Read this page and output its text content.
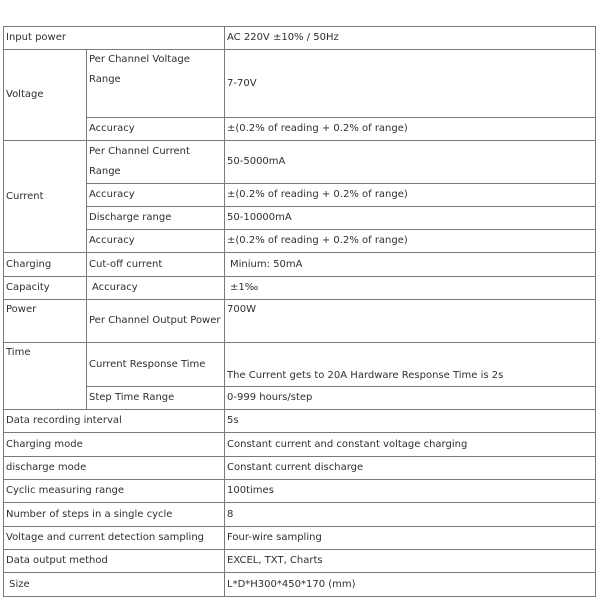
Input power		AC 220V ±10% / 50Hz
Voltage	Per Channel Voltage Range	7-70V
	Accuracy	±(0.2% of reading + 0.2% of range)
Current	Per Channel Current Range	50-5000mA
	Accuracy	±(0.2% of reading + 0.2% of range)
	Discharge range	50-10000mA
	Accuracy	±(0.2% of reading + 0.2% of range)
Charging	Cut-off current	Minium: 50mA
Capacity	Accuracy	±1‰
Power	Per Channel Output Power	700W
Time	Current Response Time	The Current gets to 20A Hardware Response Time is 2s
	Step Time Range	0-999 hours/step
Data recording interval		5s
Charging mode		Constant current and constant voltage charging
discharge mode		Constant current discharge
Cyclic measuring range		100times
Number of steps in a single cycle		8
Voltage and current detection sampling		Four-wire sampling
Data output method		EXCEL, TXT, Charts
Size		L*D*H300*450*170 (mm)
